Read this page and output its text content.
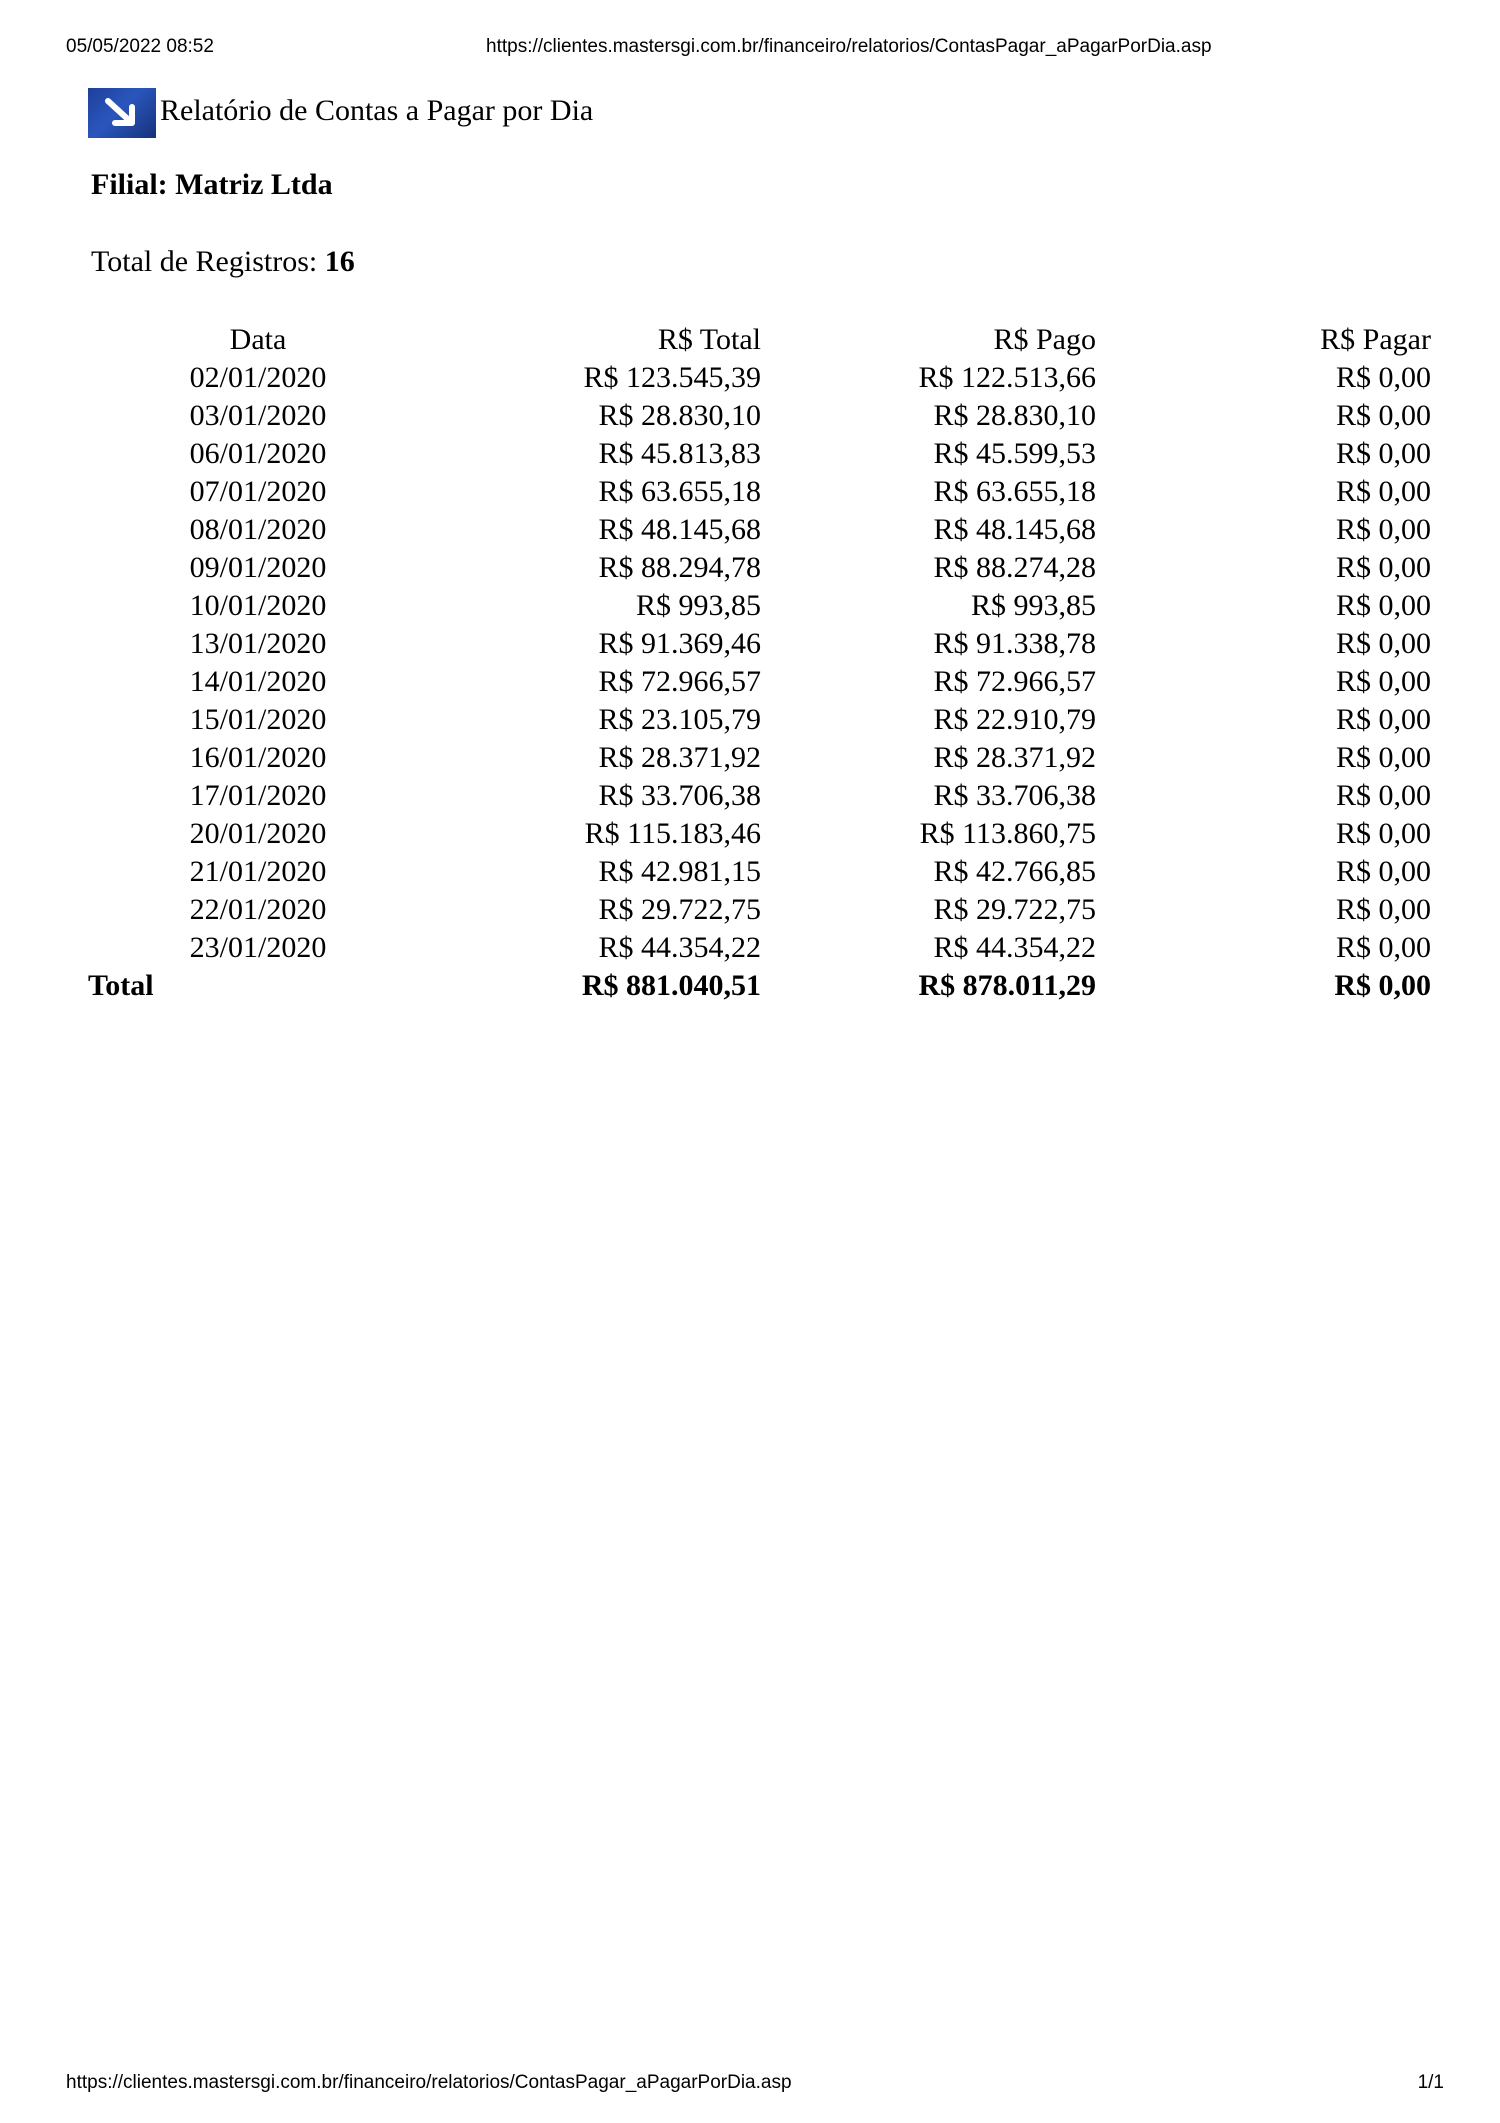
05/05/2022 08:52	https://clientes.mastersgi.com.br/financeiro/relatorios/ContasPagar_aPagarPorDia.asp
Relatório de Contas a Pagar por Dia
Filial: Matriz Ltda
Total de Registros: 16
Data	R$ Total	R$ Pago	R$ Pagar
02/01/2020	R$ 123.545,39	R$ 122.513,66	R$ 0,00
03/01/2020	R$ 28.830,10	R$ 28.830,10	R$ 0,00
06/01/2020	R$ 45.813,83	R$ 45.599,53	R$ 0,00
07/01/2020	R$ 63.655,18	R$ 63.655,18	R$ 0,00
08/01/2020	R$ 48.145,68	R$ 48.145,68	R$ 0,00
09/01/2020	R$ 88.294,78	R$ 88.274,28	R$ 0,00
10/01/2020	R$ 993,85	R$ 993,85	R$ 0,00
13/01/2020	R$ 91.369,46	R$ 91.338,78	R$ 0,00
14/01/2020	R$ 72.966,57	R$ 72.966,57	R$ 0,00
15/01/2020	R$ 23.105,79	R$ 22.910,79	R$ 0,00
16/01/2020	R$ 28.371,92	R$ 28.371,92	R$ 0,00
17/01/2020	R$ 33.706,38	R$ 33.706,38	R$ 0,00
20/01/2020	R$ 115.183,46	R$ 113.860,75	R$ 0,00
21/01/2020	R$ 42.981,15	R$ 42.766,85	R$ 0,00
22/01/2020	R$ 29.722,75	R$ 29.722,75	R$ 0,00
23/01/2020	R$ 44.354,22	R$ 44.354,22	R$ 0,00
Total	R$ 881.040,51	R$ 878.011,29	R$ 0,00
https://clientes.mastersgi.com.br/financeiro/relatorios/ContasPagar_aPagarPorDia.asp	1/1
